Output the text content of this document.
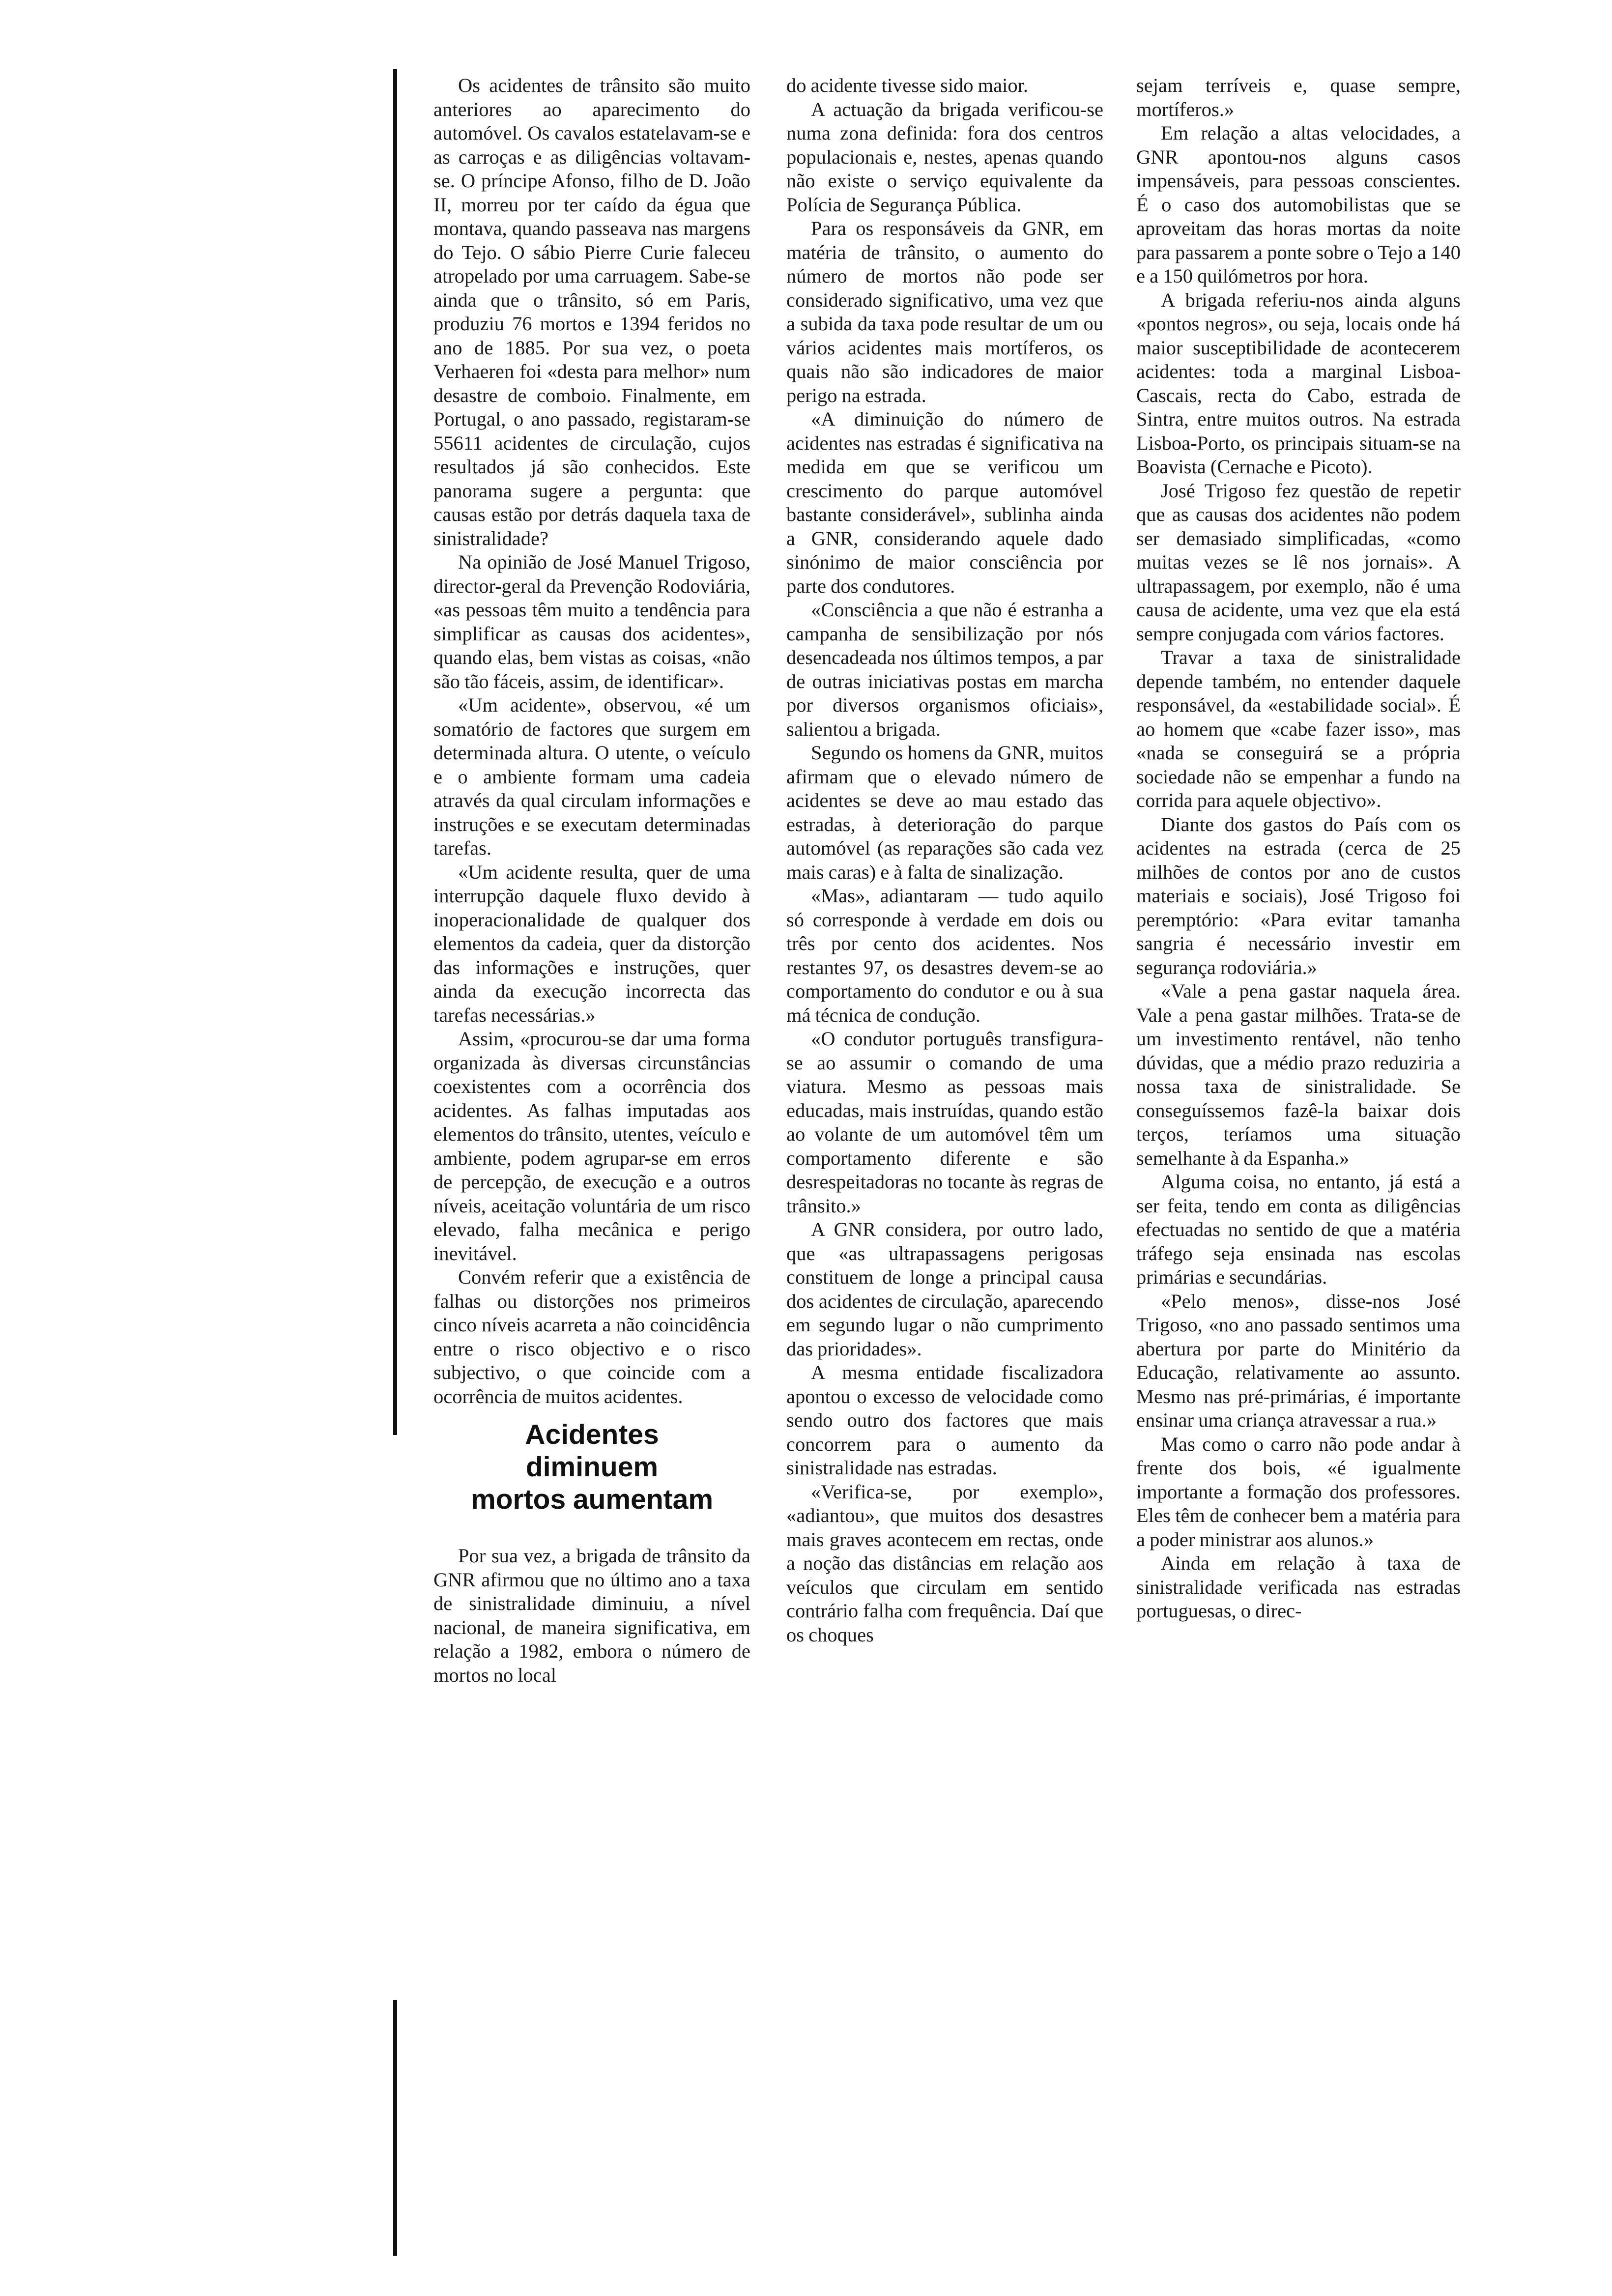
Os acidentes de trânsito são muito anteriores ao aparecimento do automóvel. Os cavalos estatelavam-se e as carroças e as diligências voltavam-se. O príncipe Afonso, filho de D. João II, morreu por ter caído da égua que montava, quando passeava nas margens do Tejo. O sábio Pierre Curie faleceu atropelado por uma carruagem. Sabe-se ainda que o trânsito, só em Paris, produziu 76 mortos e 1394 feridos no ano de 1885. Por sua vez, o poeta Verhaeren foi «desta para melhor» num desastre de comboio. Finalmente, em Portugal, o ano passado, registaram-se 55611 acidentes de circulação, cujos resultados já são conhecidos. Este panorama sugere a pergunta: que causas estão por detrás daquela taxa de sinistralidade?

Na opinião de José Manuel Trigoso, director-geral da Prevenção Rodoviária, «as pessoas têm muito a tendência para simplificar as causas dos acidentes», quando elas, bem vistas as coisas, «não são tão fáceis, assim, de identificar».

«Um acidente», observou, «é um somatório de factores que surgem em determinada altura. O utente, o veículo e o ambiente formam uma cadeia através da qual circulam informações e instruções e se executam determinadas tarefas.

«Um acidente resulta, quer de uma interrupção daquele fluxo devido à inoperacionalidade de qualquer dos elementos da cadeia, quer da distorção das informações e instruções, quer ainda da execução incorrecta das tarefas necessárias.»

Assim, «procurou-se dar uma forma organizada às diversas circunstâncias coexistentes com a ocorrência dos acidentes. As falhas imputadas aos elementos do trânsito, utentes, veículo e ambiente, podem agrupar-se em erros de percepção, de execução e a outros níveis, aceitação voluntária de um risco elevado, falha mecânica e perigo inevitável.

Convém referir que a existência de falhas ou distorções nos primeiros cinco níveis acarreta a não coincidência entre o risco objectivo e o risco subjectivo, o que coincide com a ocorrência de muitos acidentes.

Acidentes
diminuem
mortos aumentam

Por sua vez, a brigada de trânsito da GNR afirmou que no último ano a taxa de sinistralidade diminuiu, a nível nacional, de maneira significativa, em relação a 1982, embora o número de mortos no local

do acidente tivesse sido maior.

A actuação da brigada verificou-se numa zona definida: fora dos centros populacionais e, nestes, apenas quando não existe o serviço equivalente da Polícia de Segurança Pública.

Para os responsáveis da GNR, em matéria de trânsito, o aumento do número de mortos não pode ser considerado significativo, uma vez que a subida da taxa pode resultar de um ou vários acidentes mais mortíferos, os quais não são indicadores de maior perigo na estrada.

«A diminuição do número de acidentes nas estradas é significativa na medida em que se verificou um crescimento do parque automóvel bastante considerável», sublinha ainda a GNR, considerando aquele dado sinónimo de maior consciência por parte dos condutores.

«Consciência a que não é estranha a campanha de sensibilização por nós desencadeada nos últimos tempos, a par de outras iniciativas postas em marcha por diversos organismos oficiais», salientou a brigada.

Segundo os homens da GNR, muitos afirmam que o elevado número de acidentes se deve ao mau estado das estradas, à deterioração do parque automóvel (as reparações são cada vez mais caras) e à falta de sinalização.

«Mas», adiantaram — tudo aquilo só corresponde à verdade em dois ou três por cento dos acidentes. Nos restantes 97, os desastres devem-se ao comportamento do condutor e ou à sua má técnica de condução.

«O condutor português transfigura-se ao assumir o comando de uma viatura. Mesmo as pessoas mais educadas, mais instruídas, quando estão ao volante de um automóvel têm um comportamento diferente e são desrespeitadoras no tocante às regras de trânsito.»

A GNR considera, por outro lado, que «as ultrapassagens perigosas constituem de longe a principal causa dos acidentes de circulação, aparecendo em segundo lugar o não cumprimento das prioridades».

A mesma entidade fiscalizadora apontou o excesso de velocidade como sendo outro dos factores que mais concorrem para o aumento da sinistralidade nas estradas.

«Verifica-se, por exemplo», «adiantou», que muitos dos desastres mais graves acontecem em rectas, onde a noção das distâncias em relação aos veículos que circulam em sentido contrário falha com frequência. Daí que os choques

sejam terríveis e, quase sempre, mortíferos.»

Em relação a altas velocidades, a GNR apontou-nos alguns casos impensáveis, para pessoas conscientes. É o caso dos automobilistas que se aproveitam das horas mortas da noite para passarem a ponte sobre o Tejo a 140 e a 150 quilómetros por hora.

A brigada referiu-nos ainda alguns «pontos negros», ou seja, locais onde há maior susceptibilidade de acontecerem acidentes: toda a marginal Lisboa-Cascais, recta do Cabo, estrada de Sintra, entre muitos outros. Na estrada Lisboa-Porto, os principais situam-se na Boavista (Cernache e Picoto).

José Trigoso fez questão de repetir que as causas dos acidentes não podem ser demasiado simplificadas, «como muitas vezes se lê nos jornais». A ultrapassagem, por exemplo, não é uma causa de acidente, uma vez que ela está sempre conjugada com vários factores.

Travar a taxa de sinistralidade depende também, no entender daquele responsável, da «estabilidade social». É ao homem que «cabe fazer isso», mas «nada se conseguirá se a própria sociedade não se empenhar a fundo na corrida para aquele objectivo».

Diante dos gastos do País com os acidentes na estrada (cerca de 25 milhões de contos por ano de custos materiais e sociais), José Trigoso foi peremptório: «Para evitar tamanha sangria é necessário investir em segurança rodoviária.»

«Vale a pena gastar naquela área. Vale a pena gastar milhões. Trata-se de um investimento rentável, não tenho dúvidas, que a médio prazo reduziria a nossa taxa de sinistralidade. Se conseguíssemos fazê-la baixar dois terços, teríamos uma situação semelhante à da Espanha.»

Alguma coisa, no entanto, já está a ser feita, tendo em conta as diligências efectuadas no sentido de que a matéria tráfego seja ensinada nas escolas primárias e secundárias.

«Pelo menos», disse-nos José Trigoso, «no ano passado sentimos uma abertura por parte do Minitério da Educação, relativamente ao assunto. Mesmo nas pré-primárias, é importante ensinar uma criança atravessar a rua.»

Mas como o carro não pode andar à frente dos bois, «é igualmente importante a formação dos professores. Eles têm de conhecer bem a matéria para a poder ministrar aos alunos.»

Ainda em relação à taxa de sinistralidade verificada nas estradas portuguesas, o direc-
